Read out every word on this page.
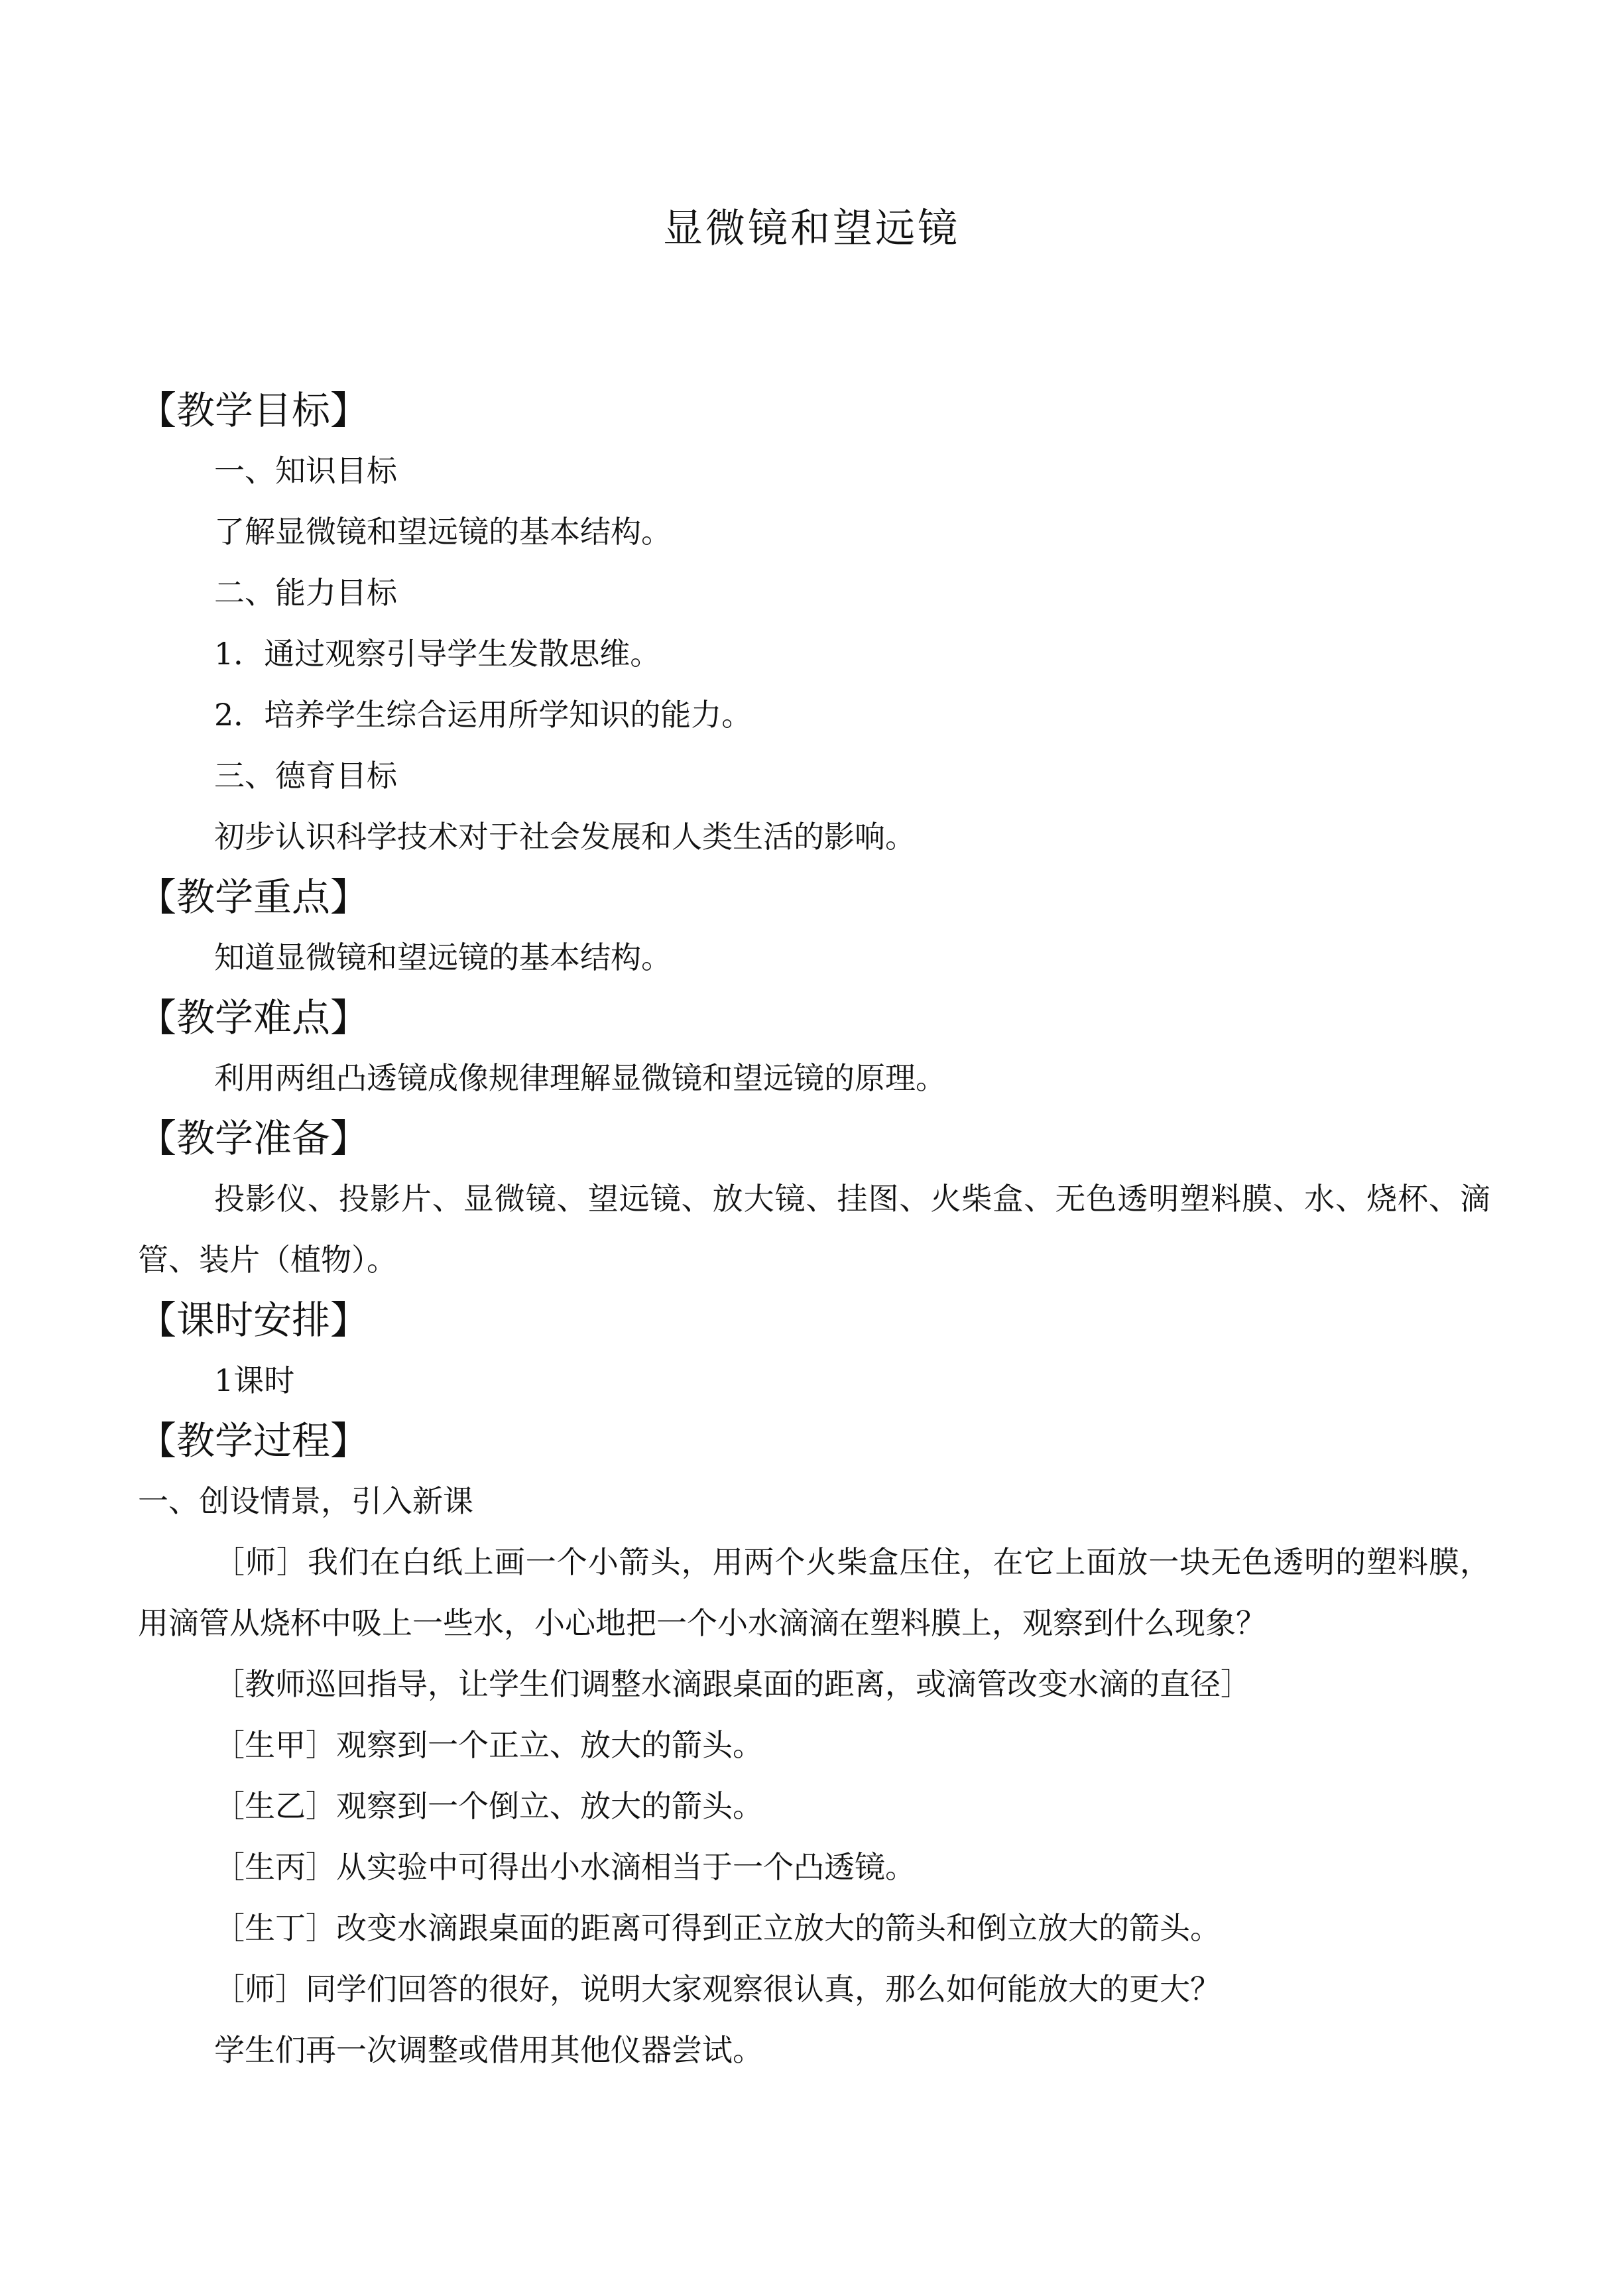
显微镜和望远镜
【教学目标】
一、知识目标
了解显微镜和望远镜的基本结构。
二、能力目标
1．通过观察引导学生发散思维。
2．培养学生综合运用所学知识的能力。
三、德育目标
初步认识科学技术对于社会发展和人类生活的影响。
【教学重点】
知道显微镜和望远镜的基本结构。
【教学难点】
利用两组凸透镜成像规律理解显微镜和望远镜的原理。
【教学准备】
投影仪、投影片、显微镜、望远镜、放大镜、挂图、火柴盒、无色透明塑料膜、水、烧杯、滴管、装片（植物）。
【课时安排】
1课时
【教学过程】
一、创设情景，引入新课
［师］我们在白纸上画一个小箭头，用两个火柴盒压住，在它上面放一块无色透明的塑料膜，用滴管从烧杯中吸上一些水，小心地把一个小水滴滴在塑料膜上，观察到什么现象？
［教师巡回指导，让学生们调整水滴跟桌面的距离，或滴管改变水滴的直径］
［生甲］观察到一个正立、放大的箭头。
［生乙］观察到一个倒立、放大的箭头。
［生丙］从实验中可得出小水滴相当于一个凸透镜。
［生丁］改变水滴跟桌面的距离可得到正立放大的箭头和倒立放大的箭头。
［师］同学们回答的很好，说明大家观察很认真，那么如何能放大的更大？
学生们再一次调整或借用其他仪器尝试。
